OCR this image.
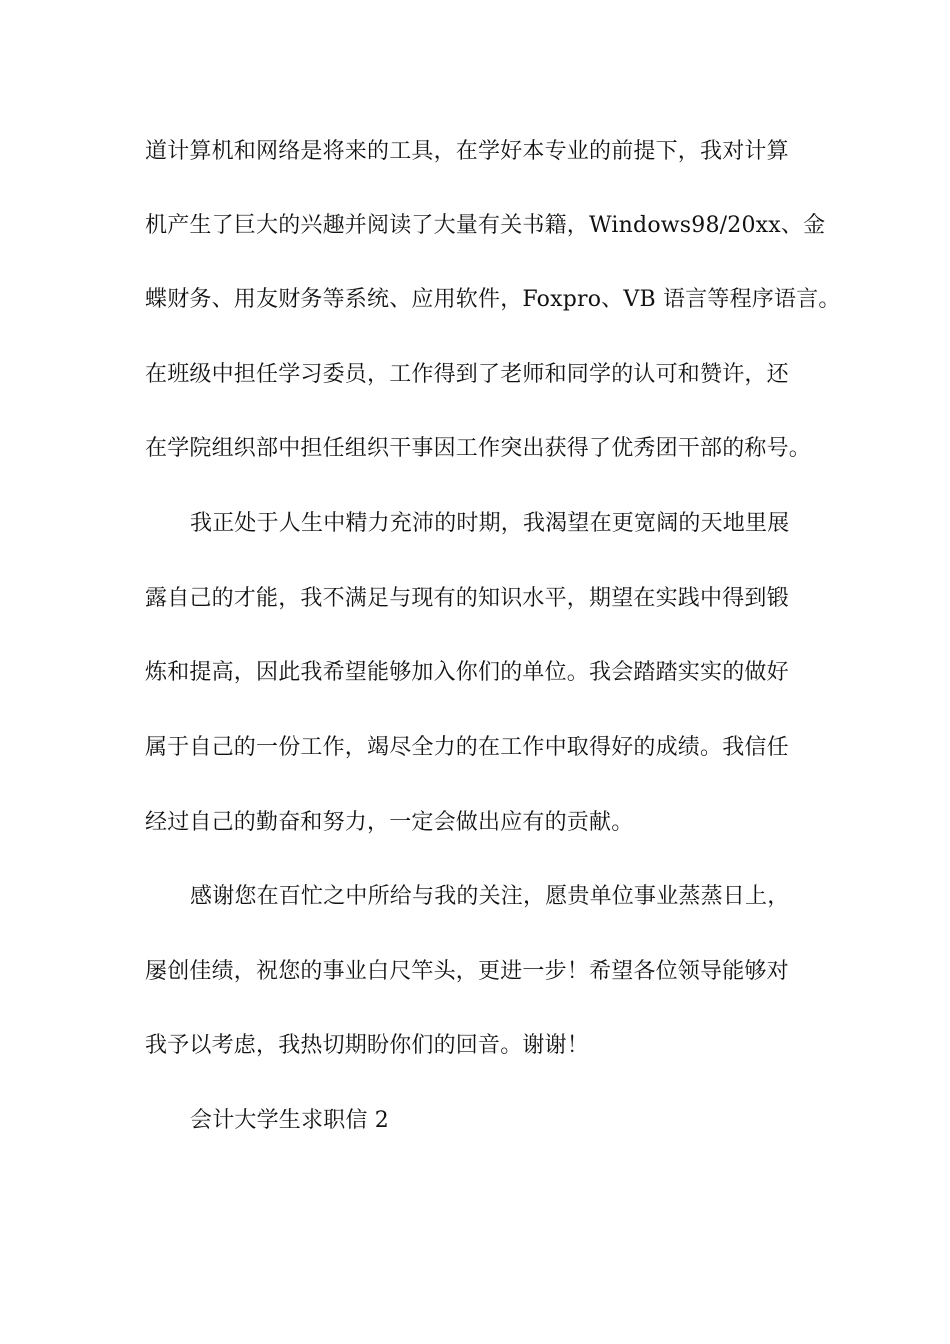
道计算机和网络是将来的工具，在学好本专业的前提下，我对计算
机产生了巨大的兴趣并阅读了大量有关书籍，Windows98/20xx、金
蝶财务、用友财务等系统、应用软件，Foxpro、VB 语言等程序语言。
在班级中担任学习委员，工作得到了老师和同学的认可和赞许，还
在学院组织部中担任组织干事因工作突出获得了优秀团干部的称号。
我正处于人生中精力充沛的时期，我渴望在更宽阔的天地里展
露自己的才能，我不满足与现有的知识水平，期望在实践中得到锻
炼和提高，因此我希望能够加入你们的单位。我会踏踏实实的做好
属于自己的一份工作，竭尽全力的在工作中取得好的成绩。我信任
经过自己的勤奋和努力，一定会做出应有的贡献。
感谢您在百忙之中所给与我的关注，愿贵单位事业蒸蒸日上，
屡创佳绩，祝您的事业白尺竿头，更进一步！希望各位领导能够对
我予以考虑，我热切期盼你们的回音。谢谢！
会计大学生求职信 2
